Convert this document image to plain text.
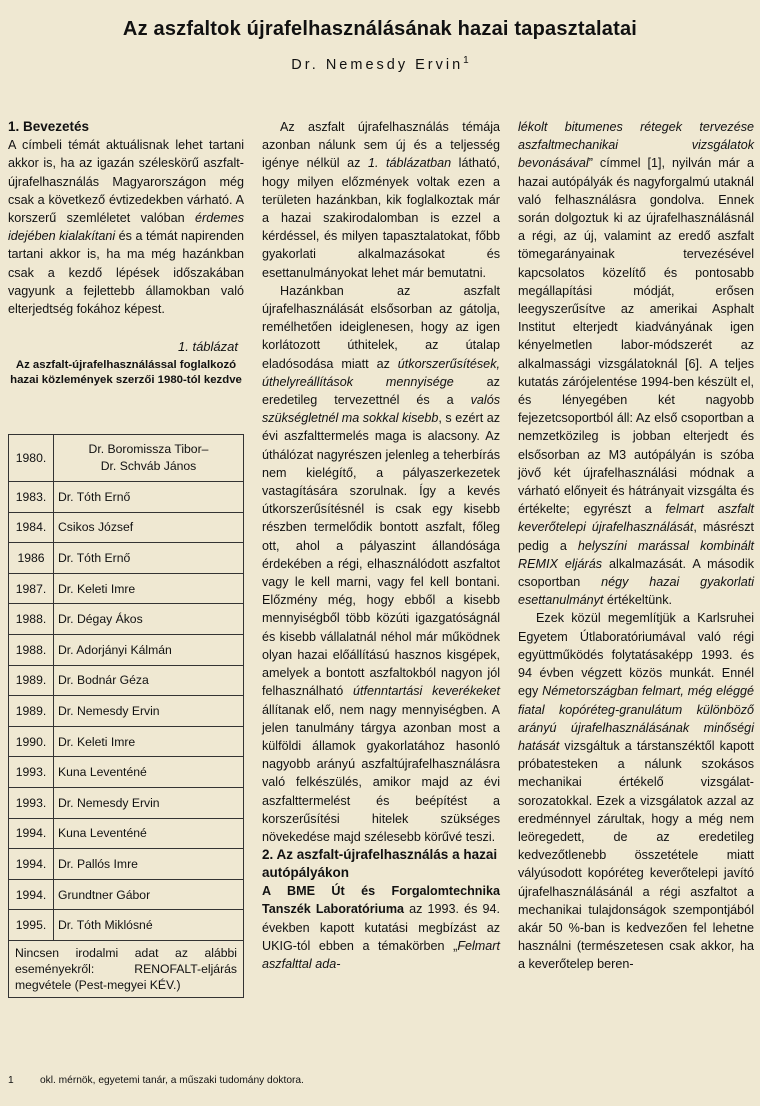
Az aszfaltok újrafelhasználásának hazai tapasztalatai
Dr. Nemesdy Ervin$^1$

1. Bevezetés

A címbeli témát aktuálisnak lehet tartani akkor is, ha az igazán széleskörű aszfalt-újrafelhasználás Magyarországon még csak a következő évtizedekben várható. A korszerű szemléletet valóban érdemes idejében kialakítani és a témát napirenden tartani akkor is, ha ma még hazánkban csak a kezdő lépések időszakában vagyunk a fejlettebb államokban való elterjedtség fokához képest.

1. táblázat
Az aszfalt-újrafelhasználással foglalkozó hazai közlemények szerzői 1980-tól kezdve
1980.	Dr. Boromissza Tibor–
Dr. Schváb János

1983.	Dr. Tóth Ernő
1984.	Csikos József
1986	Dr. Tóth Ernő
1987.	Dr. Keleti Imre
1988.	Dr. Dégay Ákos
1988.	Dr. Adorjányi Kálmán
1989.	Dr. Bodnár Géza
1989.	Dr. Nemesdy Ervin
1990.	Dr. Keleti Imre
1993.	Kuna Leventéné
1993.	Dr. Nemesdy Ervin
1994.	Kuna Leventéné
1994.	Dr. Pallós Imre
1994.	Grundtner Gábor
1995.	Dr. Tóth Miklósné
Nincsen irodalmi adat az alábbi eseményekről: RENOFALT-eljárás megvétele (Pest-megyei KÉV.)	

Az aszfalt újrafelhasználás témája azonban nálunk sem új és a teljesség igénye nélkül az 1. táblázatban látható, hogy milyen előzmények voltak ezen a területen hazánkban, kik foglalkoztak már a hazai szakirodalomban is ezzel a kérdéssel, és milyen tapasztalatokat, főbb gyakorlati alkalmazásokat és esettanulmányokat lehet már bemutatni.

Hazánkban az aszfalt újrafelhasználását elsősorban az gátolja, remélhetően ideiglenesen, hogy az igen korlátozott úthitelek, az útalap eladósodása miatt az útkorszerűsítések, úthelyreállítások mennyisége az eredetileg tervezettnél és a valós szükségletnél ma sokkal kisebb, s ezért az évi aszfalttermelés maga is alacsony. Az úthálózat nagyrészen jelenleg a teherbírás nem kielégítő, a pályaszerkezetek vastagítására szorulnak. Így a kevés útkorszerűsítésnél is csak egy kisebb részben termelődik bontott aszfalt, főleg ott, ahol a pályaszint állandósága érdekében a régi, elhasználódott aszfaltot vagy le kell marni, vagy fel kell bontani. Előzmény még, hogy ebből a kisebb mennyiségből több közúti igazgatóságnál és kisebb vállalatnál néhol már működnek olyan hazai előállítású hasznos kisgépek, amelyek a bontott aszfaltokból nagyon jól felhasználható útfenntartási keverékeket állítanak elő, nem nagy mennyiségben. A jelen tanulmány tárgya azonban most a külföldi államok gyakorlatához hasonló nagyobb arányú aszfaltújrafelhasználásra való felkészülés, amikor majd az évi aszfalttermelést és beépítést a korszerűsítési hitelek szükséges növekedése majd szélesebb körűvé teszi.

2. Az aszfalt-újrafelhasználás a hazai autópályákon

A BME Út és Forgalomtechnika Tanszék Laboratóriuma az 1993. és 94. években kapott kutatási megbízást az UKIG-tól ebben a témakörben „Felmart aszfalttal ada-

lékolt bitumenes rétegek tervezése aszfaltmechanikai vizsgálatok bevonásával” címmel [1], nyilván már a hazai autópályák és nagyforgalmú utaknál való felhasználásra gondolva. Ennek során dolgoztuk ki az újrafelhasználásnál a régi, az új, valamint az eredő aszfalt tömegarányainak tervezésével kapcsolatos közelítő és pontosabb megállapítási módját, erősen leegyszerűsítve az amerikai Asphalt Institut elterjedt kiadványának igen kényelmetlen labor-módszerét az alkalmassági vizsgálatoknál [6]. A teljes kutatás zárójelentése 1994-ben készült el, és lényegében két nagyobb fejezetcsoportból áll: Az első csoportban a nemzetközileg is jobban elterjedt és elsősorban az M3 autópályán is szóba jövő két újrafelhasználási módnak a várható előnyeit és hátrányait vizsgálta és értékelte; egyrészt a felmart aszfalt keverőtelepi újrafelhasználását, másrészt pedig a helyszíni marással kombinált REMIX eljárás alkalmazását. A második csoportban négy hazai gyakorlati esettanulmányt értékeltünk.

Ezek közül megemlítjük a Karlsruhei Egyetem Útlaboratóriumával való régi együttműködés folytatásaképp 1993. és 94 évben végzett közös munkát. Ennél egy Németországban felmart, még eléggé fiatal kopóréteg-granulátum különböző arányú újrafelhasználásának minőségi hatását vizsgáltuk a társtanszéktől kapott próbatesteken a nálunk szokásos mechanikai értékelő vizsgálat-sorozatokkal. Ezek a vizsgálatok azzal az eredménnyel zárultak, hogy a még nem leöregedett, de az eredetileg kedvezőtlenebb összetétele miatt vályúsodott kopóréteg keverőtelepi javító újrafelhasználásánál a régi aszfaltot a mechanikai tulajdonságok szempontjából akár 50 %-ban is kedvezően fel lehetne használni (természetesen csak akkor, ha a keverőtelep beren-

1	okl. mérnök, egyetemi tanár, a műszaki tudomány doktora.
